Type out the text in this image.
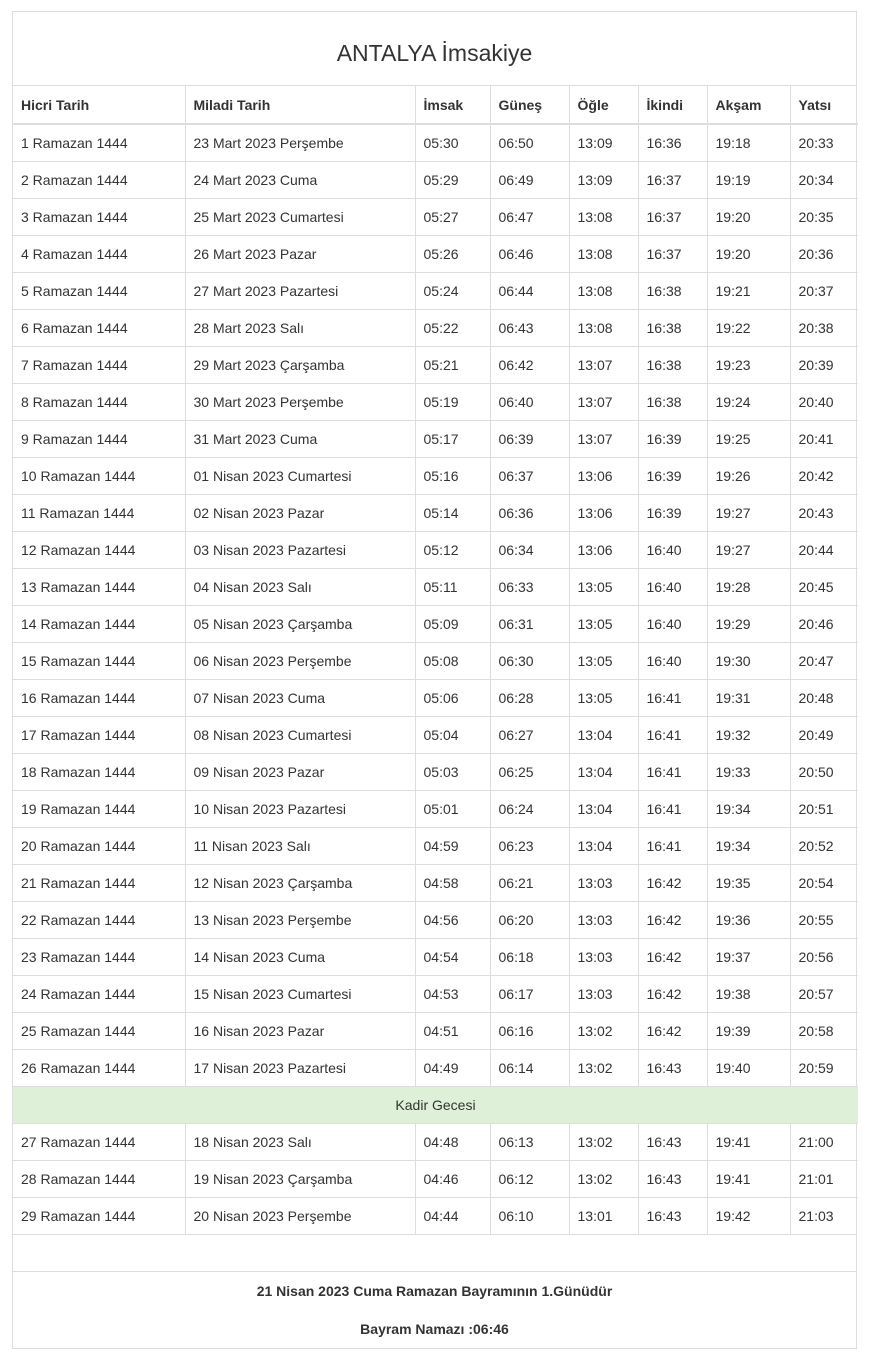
ANTALYA İmsakiye
Hicri Tarih	Miladi Tarih	İmsak	Güneş	Öğle	İkindi	Akşam	Yatsı
1 Ramazan 1444	23 Mart 2023 Perşembe	05:30	06:50	13:09	16:36	19:18	20:33
2 Ramazan 1444	24 Mart 2023 Cuma	05:29	06:49	13:09	16:37	19:19	20:34
3 Ramazan 1444	25 Mart 2023 Cumartesi	05:27	06:47	13:08	16:37	19:20	20:35
4 Ramazan 1444	26 Mart 2023 Pazar	05:26	06:46	13:08	16:37	19:20	20:36
5 Ramazan 1444	27 Mart 2023 Pazartesi	05:24	06:44	13:08	16:38	19:21	20:37
6 Ramazan 1444	28 Mart 2023 Salı	05:22	06:43	13:08	16:38	19:22	20:38
7 Ramazan 1444	29 Mart 2023 Çarşamba	05:21	06:42	13:07	16:38	19:23	20:39
8 Ramazan 1444	30 Mart 2023 Perşembe	05:19	06:40	13:07	16:38	19:24	20:40
9 Ramazan 1444	31 Mart 2023 Cuma	05:17	06:39	13:07	16:39	19:25	20:41
10 Ramazan 1444	01 Nisan 2023 Cumartesi	05:16	06:37	13:06	16:39	19:26	20:42
11 Ramazan 1444	02 Nisan 2023 Pazar	05:14	06:36	13:06	16:39	19:27	20:43
12 Ramazan 1444	03 Nisan 2023 Pazartesi	05:12	06:34	13:06	16:40	19:27	20:44
13 Ramazan 1444	04 Nisan 2023 Salı	05:11	06:33	13:05	16:40	19:28	20:45
14 Ramazan 1444	05 Nisan 2023 Çarşamba	05:09	06:31	13:05	16:40	19:29	20:46
15 Ramazan 1444	06 Nisan 2023 Perşembe	05:08	06:30	13:05	16:40	19:30	20:47
16 Ramazan 1444	07 Nisan 2023 Cuma	05:06	06:28	13:05	16:41	19:31	20:48
17 Ramazan 1444	08 Nisan 2023 Cumartesi	05:04	06:27	13:04	16:41	19:32	20:49
18 Ramazan 1444	09 Nisan 2023 Pazar	05:03	06:25	13:04	16:41	19:33	20:50
19 Ramazan 1444	10 Nisan 2023 Pazartesi	05:01	06:24	13:04	16:41	19:34	20:51
20 Ramazan 1444	11 Nisan 2023 Salı	04:59	06:23	13:04	16:41	19:34	20:52
21 Ramazan 1444	12 Nisan 2023 Çarşamba	04:58	06:21	13:03	16:42	19:35	20:54
22 Ramazan 1444	13 Nisan 2023 Perşembe	04:56	06:20	13:03	16:42	19:36	20:55
23 Ramazan 1444	14 Nisan 2023 Cuma	04:54	06:18	13:03	16:42	19:37	20:56
24 Ramazan 1444	15 Nisan 2023 Cumartesi	04:53	06:17	13:03	16:42	19:38	20:57
25 Ramazan 1444	16 Nisan 2023 Pazar	04:51	06:16	13:02	16:42	19:39	20:58
26 Ramazan 1444	17 Nisan 2023 Pazartesi	04:49	06:14	13:02	16:43	19:40	20:59
Kadir Gecesi							
27 Ramazan 1444	18 Nisan 2023 Salı	04:48	06:13	13:02	16:43	19:41	21:00
28 Ramazan 1444	19 Nisan 2023 Çarşamba	04:46	06:12	13:02	16:43	19:41	21:01
29 Ramazan 1444	20 Nisan 2023 Perşembe	04:44	06:10	13:01	16:43	19:42	21:03
21 Nisan 2023 Cuma Ramazan Bayramının 1.Günüdür
Bayram Namazı :06:46
